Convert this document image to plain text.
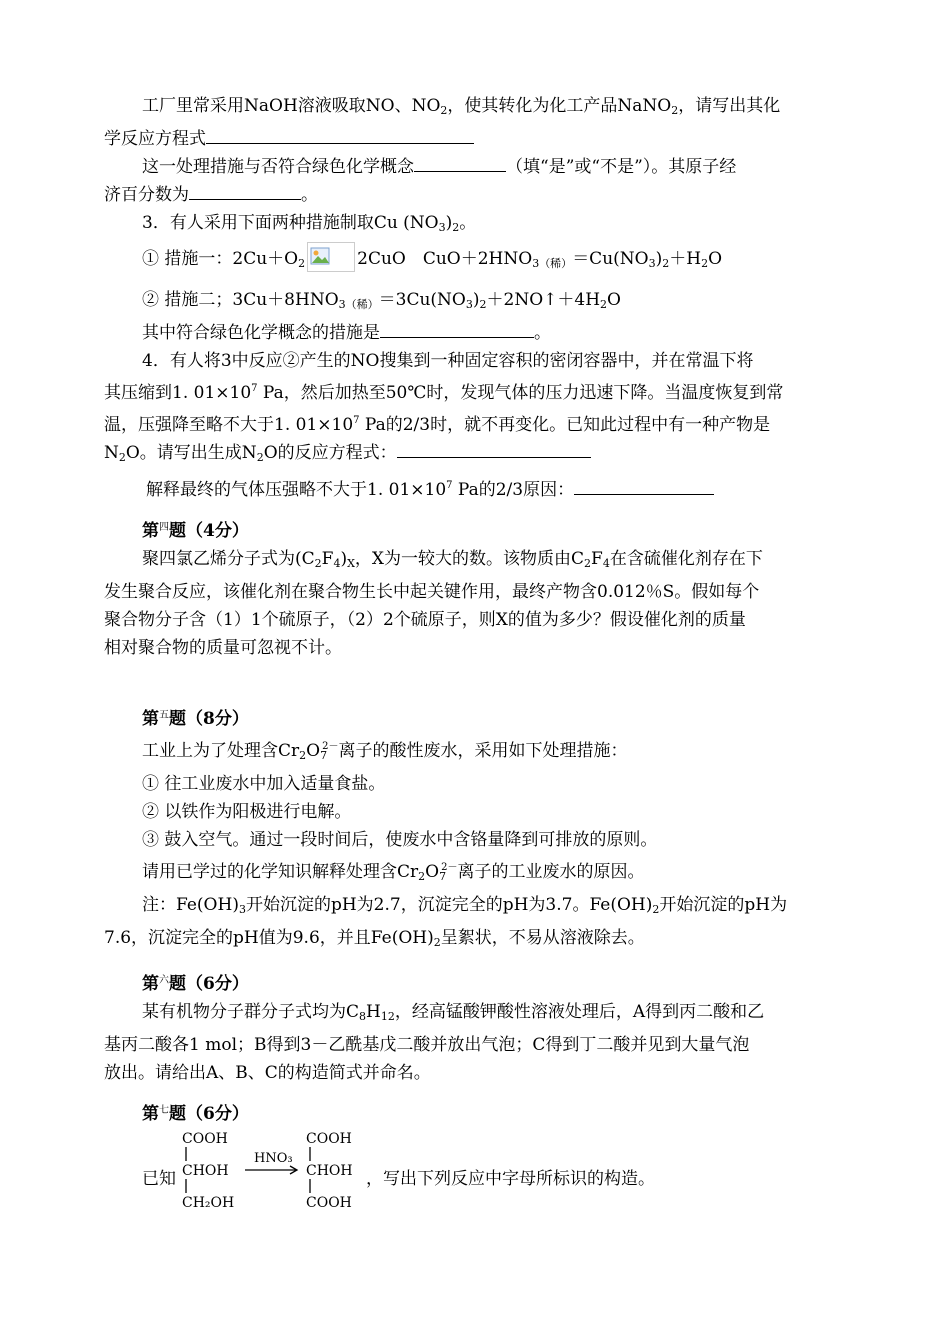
工厂里常采用NaOH溶液吸取NO、$NO_2$，使其转化为化工产品NaNO$_2$，请写出其化

学反应方程式

这一处理措施与否符合绿色化学概念	（填“是”或“不是”）。其原子经

济百分数为	。

3．有人采用下面两种措施制取Cu $(NO_3)_2$。

① 措施一：$2Cu+O_2$	2CuO　$CuO+2HNO_{3(稀)}=Cu(NO_3)_2+H_2O$

② 措施二；$3Cu+8HNO_{3(稀)}=3Cu(NO_3)_2+2NO↑+4H_2O$

其中符合绿色化学概念的措施是	。

4．有人将3中反应②产生的NO搜集到一种固定容积的密闭容器中，并在常温下将

其压缩到1. $01\times 10^7$ Pa，然后加热至50℃时，发现气体的压力迅速下降。当温度恢复到常

温，压强降至略不大于1. $01\times 10^7$ Pa的2/3时，就不再变化。已知此过程中有一种产物是

$N_2O$。请写出生成$N_2O$的反应方程式：

解释最终的气体压强略不大于1. $01\times 10^7$ Pa的2/3原因：

第$^四$题（4分）

聚四氯乙烯分子式为$(C_2F_4)_X$，X为一较大的数。该物质由$C_2F_4$在含硫催化剂存在下

发生聚合反应，该催化剂在聚合物生长中起关键作用，最终产物含0.012％S。假如每个

聚合物分子含（1）1个硫原子，（2）2个硫原子，则X的值为多少？假设催化剂的质量

相对聚合物的质量可忽视不计。

第$^五$题（8分）

工业上为了处理含$Cr_2O_7^{2-}$离子的酸性废水，采用如下处理措施：

① 往工业废水中加入适量食盐。

② 以铁作为阳极进行电解。

③ 鼓入空气。通过一段时间后，使废水中含铬量降到可排放的原则。

请用已学过的化学知识解释处理含$Cr_2O_7^{2-}$离子的工业废水的原因。

注：$Fe(OH)_3$开始沉淀的pH为2.7，沉淀完全的pH为3.7。$Fe(OH)_2$开始沉淀的pH为

7.6，沉淀完全的pH值为9.6，并且$Fe(OH)_2$呈絮状，不易从溶液除去。

第$^六$题（6分）

某有机物分子群分子式均为$C_8H_{12}$，经高锰酸钾酸性溶液处理后，A得到丙二酸和乙

基丙二酸各1 mol；B得到3－乙酰基戊二酸并放出气泡；C得到丁二酸并见到大量气泡

放出。请给出A、B、C的构造简式并命名。

第$^七$题（6分）

已知
COOH
CHOH
CH₂OH
COOH
CHOH
COOH
HNO₃
，写出下列反应中字母所标识的构造。
